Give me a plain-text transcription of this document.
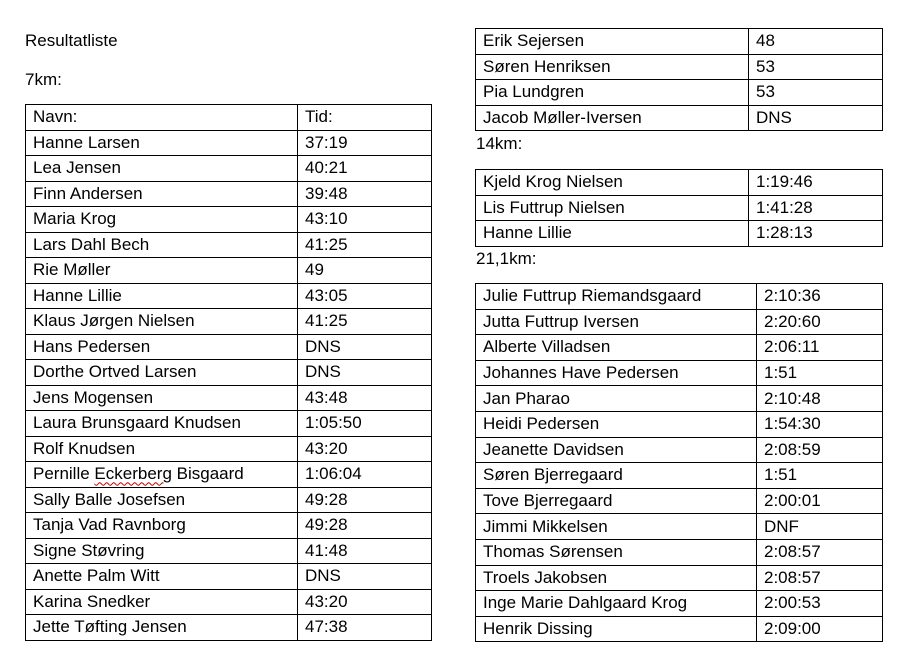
Resultatliste
7km:
Navn:	Tid:
Hanne Larsen	37:19
Lea Jensen	40:21
Finn Andersen	39:48
Maria Krog	43:10
Lars Dahl Bech	41:25
Rie Møller	49
Hanne Lillie	43:05
Klaus Jørgen Nielsen	41:25
Hans Pedersen	DNS
Dorthe Ortved Larsen	DNS
Jens Mogensen	43:48
Laura Brunsgaard Knudsen	1:05:50
Rolf Knudsen	43:20
Pernille Eckerberg Bisgaard	1:06:04
Sally Balle Josefsen	49:28
Tanja Vad Ravnborg	49:28
Signe Støvring	41:48
Anette Palm Witt	DNS
Karina Snedker	43:20
Jette Tøfting Jensen	47:38
Erik Sejersen	48
Søren Henriksen	53
Pia Lundgren	53
Jacob Møller-Iversen	DNS
14km:
Kjeld Krog Nielsen	1:19:46
Lis Futtrup Nielsen	1:41:28
Hanne Lillie	1:28:13
21,1km:
Julie Futtrup Riemandsgaard	2:10:36
Jutta Futtrup Iversen	2:20:60
Alberte Villadsen	2:06:11
Johannes Have Pedersen	1:51
Jan Pharao	2:10:48
Heidi Pedersen	1:54:30
Jeanette Davidsen	2:08:59
Søren Bjerregaard	1:51
Tove Bjerregaard	2:00:01
Jimmi Mikkelsen	DNF
Thomas Sørensen	2:08:57
Troels Jakobsen	2:08:57
Inge Marie Dahlgaard Krog	2:00:53
Henrik Dissing	2:09:00
